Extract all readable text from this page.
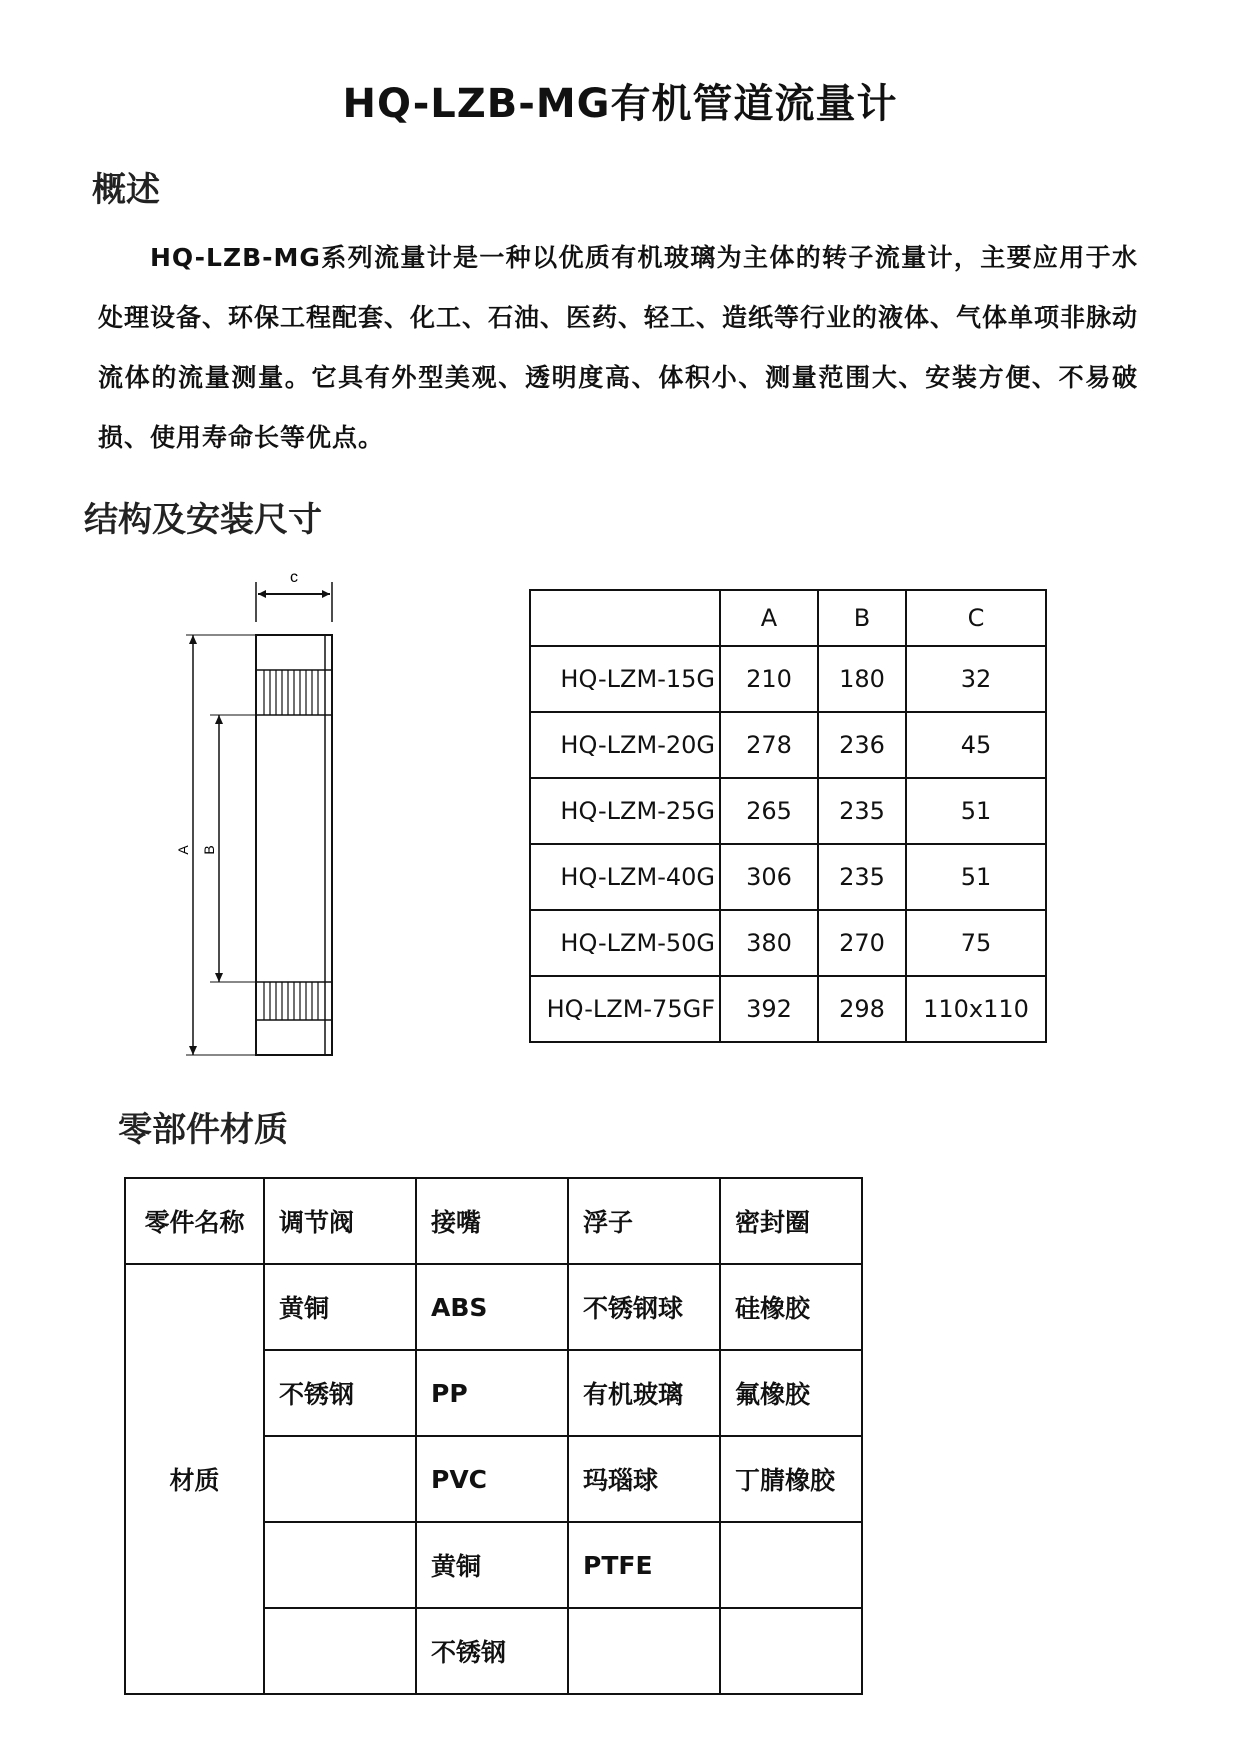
HQ-LZB-MG有机管道流量计
概述
HQ-LZB-MG系列流量计是一种以优质有机玻璃为主体的转子流量计，主要应用于水处理设备、环保工程配套、化工、石油、医药、轻工、造纸等行业的液体、气体单项非脉动流体的流量测量。它具有外型美观、透明度高、体积小、测量范围大、安装方便、不易破损、使用寿命长等优点。
结构及安装尺寸
c
A B
	A	B	C
HQ-LZM-15G	210	180	32
HQ-LZM-20G	278	236	45
HQ-LZM-25G	265	235	51
HQ-LZM-40G	306	235	51
HQ-LZM-50G	380	270	75
HQ-LZM-75GF	392	298	110x110
零部件材质
零件名称	调节阀	接嘴	浮子	密封圈
材质	黄铜	ABS	不锈钢球	硅橡胶
	不锈钢	PP	有机玻璃	氟橡胶
		PVC	玛瑙球	丁腈橡胶
		黄铜	PTFE	
		不锈钢		
